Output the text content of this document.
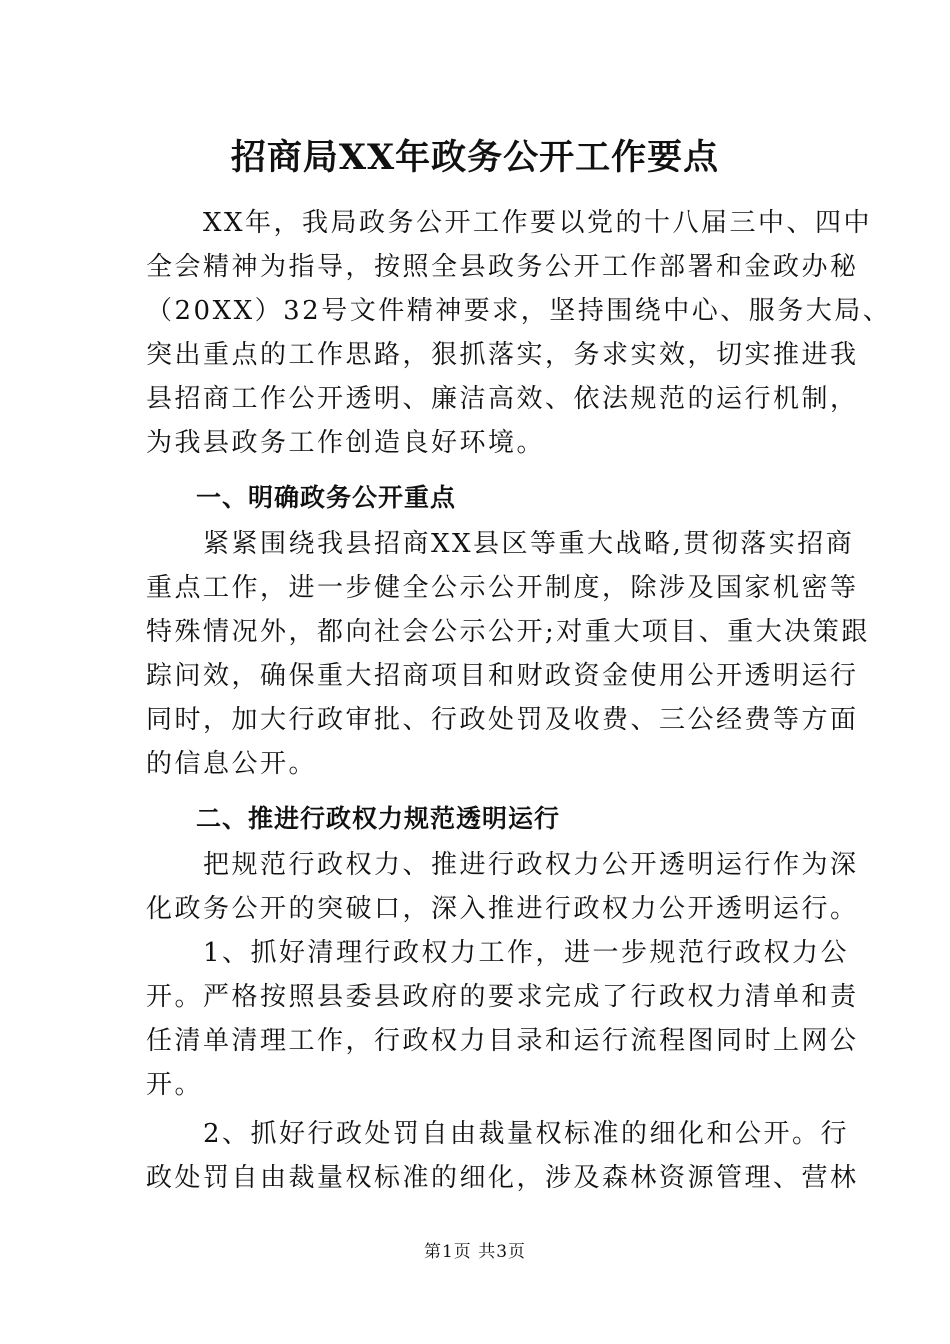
招商局XX年政务公开工作要点
　　XX年，我局政务公开工作要以党的十八届三中、四中
全会精神为指导，按照全县政务公开工作部署和金政办秘
（20XX）32号文件精神要求，坚持围绕中心、服务大局、
突出重点的工作思路，狠抓落实，务求实效，切实推进我
县招商工作公开透明、廉洁高效、依法规范的运行机制，
为我县政务工作创造良好环境。
一、明确政务公开重点
　　紧紧围绕我县招商XX县区等重大战略,贯彻落实招商
重点工作，进一步健全公示公开制度，除涉及国家机密等
特殊情况外，都向社会公示公开;对重大项目、重大决策跟
踪问效，确保重大招商项目和财政资金使用公开透明运行
同时，加大行政审批、行政处罚及收费、三公经费等方面
的信息公开。
二、推进行政权力规范透明运行
　　把规范行政权力、推进行政权力公开透明运行作为深
化政务公开的突破口，深入推进行政权力公开透明运行。
　　1、抓好清理行政权力工作，进一步规范行政权力公
开。严格按照县委县政府的要求完成了行政权力清单和责
任清单清理工作，行政权力目录和运行流程图同时上网公
开。
　　2、抓好行政处罚自由裁量权标准的细化和公开。行
政处罚自由裁量权标准的细化，涉及森林资源管理、营林
第1页 共3页
